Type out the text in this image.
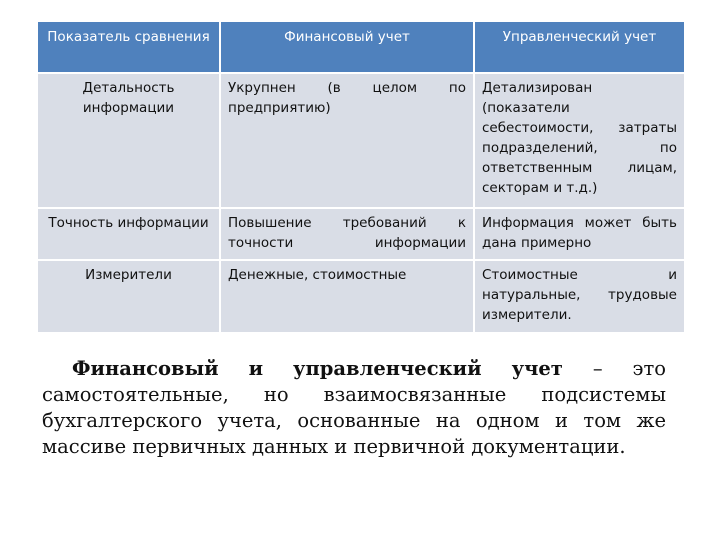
Показатель сравнения	Финансовый учет	Управленческий учет
Детальность информации	Укрупнен (в целом по предприятию)	Детализирован (показатели себестоимости, затраты подразделений, по ответственным лицам, секторам и т.д.)
Точность информации	Повышение требований к точности информации	Информация может быть дана примерно
Измерители	Денежные, стоимостные	Стоимостные и натуральные, трудовые измерители.

Финансовый и управленческий учет – это самостоятельные, но взаимосвязанные подсистемы бухгалтерского учета, основанные на одном и том же массиве первичных данных и первичной документации.
